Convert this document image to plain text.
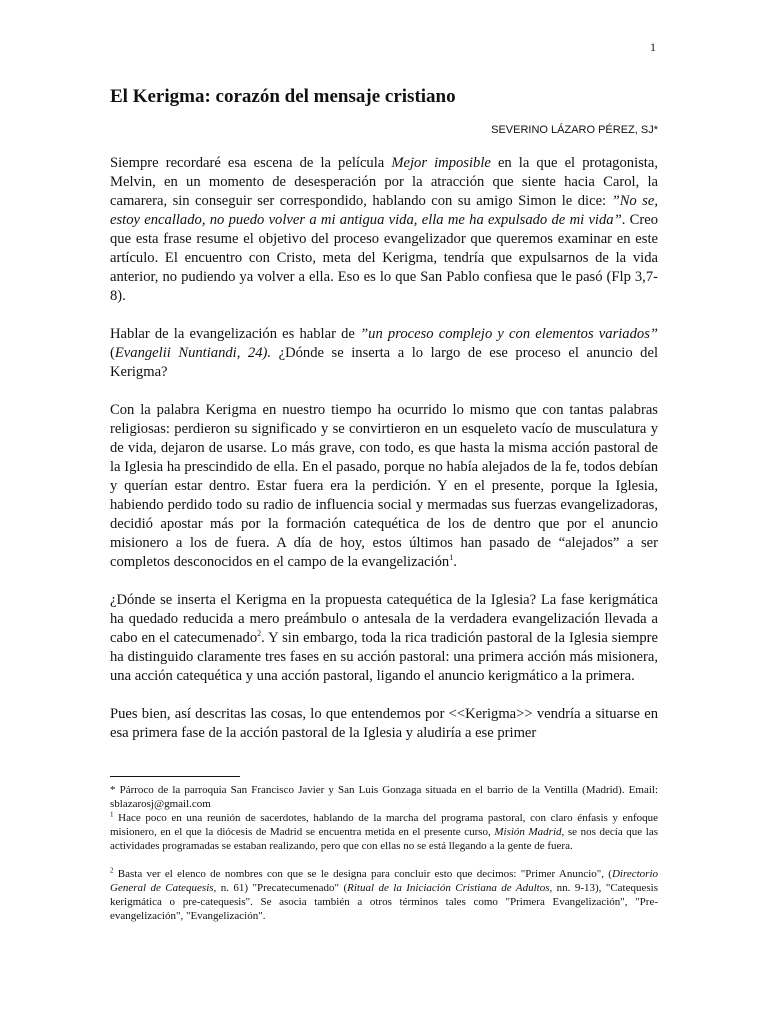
1
El Kerigma: corazón del mensaje cristiano
SEVERINO LÁZARO PÉREZ, SJ*

Siempre recordaré esa escena de la película Mejor imposible en la que el protagonista, Melvin, en un momento de desesperación por la atracción que siente hacia Carol, la camarera, sin conseguir ser correspondido, hablando con su amigo Simon le dice: ”No se, estoy encallado, no puedo volver a mi antigua vida, ella me ha expulsado de mi vida”. Creo que esta frase resume el objetivo del proceso evangelizador que queremos examinar en este artículo. El encuentro con Cristo, meta del Kerigma, tendría que expulsarnos de la vida anterior, no pudiendo ya volver a ella. Eso es lo que San Pablo confiesa que le pasó (Flp 3,7-8).

Hablar de la evangelización es hablar de ”un proceso complejo y con elementos variados” (Evangelii Nuntiandi, 24). ¿Dónde se inserta a lo largo de ese proceso el anuncio del Kerigma?

Con la palabra Kerigma en nuestro tiempo ha ocurrido lo mismo que con tantas palabras religiosas: perdieron su significado y se convirtieron en un esqueleto vacío de musculatura y de vida, dejaron de usarse. Lo más grave, con todo, es que hasta la misma acción pastoral de la Iglesia ha prescindido de ella. En el pasado, porque no había alejados de la fe, todos debían y querían estar dentro. Estar fuera era la perdición. Y en el presente, porque la Iglesia, habiendo perdido todo su radio de influencia social y mermadas sus fuerzas evangelizadoras, decidió apostar más por la formación catequética de los de dentro que por el anuncio misionero a los de fuera. A día de hoy, estos últimos han pasado de “alejados” a ser completos desconocidos en el campo de la evangelización$^1$.

¿Dónde se inserta el Kerigma en la propuesta catequética de la Iglesia? La fase kerigmática ha quedado reducida a mero preámbulo o antesala de la verdadera evangelización llevada a cabo en el catecumenado$^2$. Y sin embargo, toda la rica tradición pastoral de la Iglesia siempre ha distinguido claramente tres fases en su acción pastoral: una primera acción más misionera, una acción catequética y una acción pastoral, ligando el anuncio kerigmático a la primera.

Pues bien, así descritas las cosas, lo que entendemos por <<Kerigma>> vendría a situarse en esa primera fase de la acción pastoral de la Iglesia y aludiría a ese primer

* Párroco de la parroquia San Francisco Javier y San Luis Gonzaga situada en el barrio de la Ventilla (Madrid). Email: sblazarosj@gmail.com

$^1$ Hace poco en una reunión de sacerdotes, hablando de la marcha del programa pastoral, con claro énfasis y enfoque misionero, en el que la diócesis de Madrid se encuentra metida en el presente curso, Misión Madrid, se nos decía que las actividades programadas se estaban realizando, pero que con ellas no se está llegando a la gente de fuera.

$^2$ Basta ver el elenco de nombres con que se le designa para concluir esto que decimos: "Primer Anuncio", (Directorio General de Catequesis, n. 61) "Precatecumenado" (Ritual de la Iniciación Cristiana de Adultos, nn. 9-13), "Catequesis kerigmática o pre-catequesis". Se asocia también a otros términos tales como "Primera Evangelización", "Pre-evangelización", "Evangelización".
